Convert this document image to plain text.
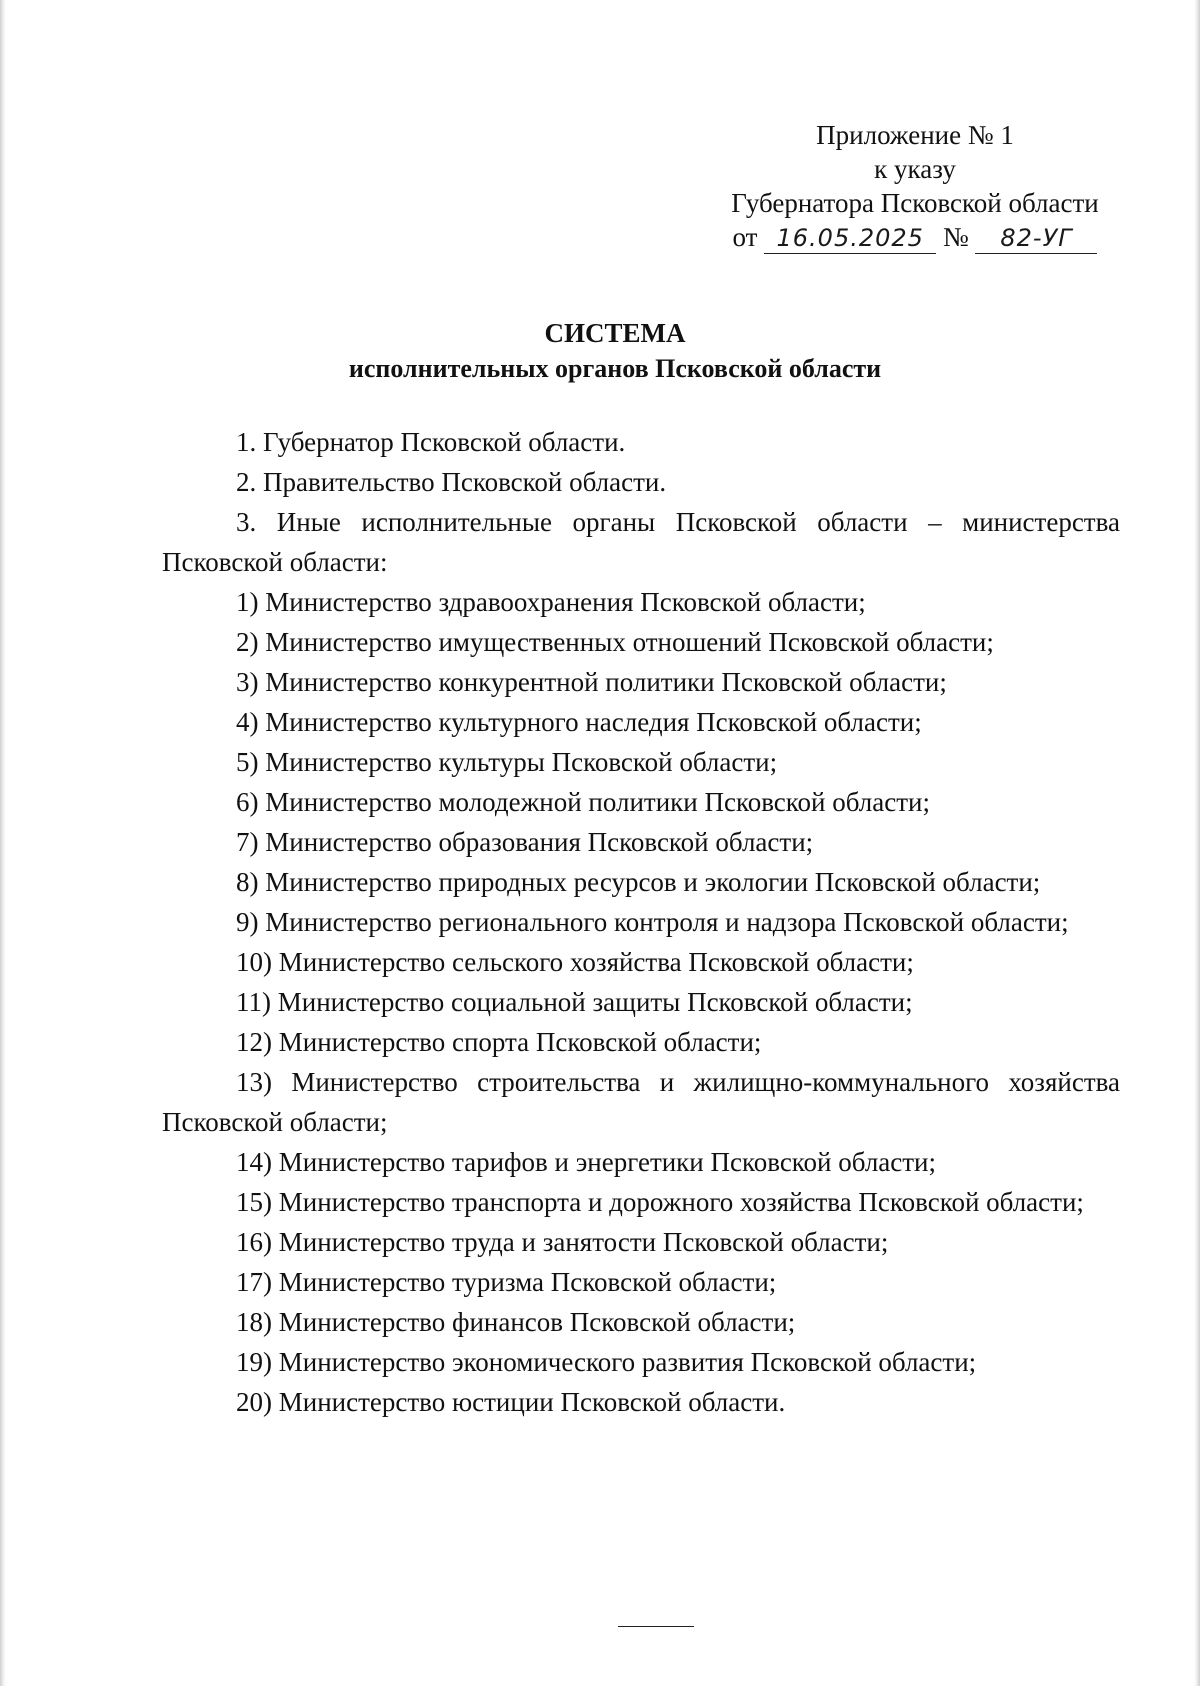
Приложение № 1
к указу
Губернатора Псковской области
от 16.05.2025 № 82-УГ
СИСТЕМА
исполнительных органов Псковской области

1. Губернатор Псковской области.

2. Правительство Псковской области.

3. Иные исполнительные органы Псковской области – министерства Псковской области:

1) Министерство здравоохранения Псковской области;

2) Министерство имущественных отношений Псковской области;

3) Министерство конкурентной политики Псковской области;

4) Министерство культурного наследия Псковской области;

5) Министерство культуры Псковской области;

6) Министерство молодежной политики Псковской области;

7) Министерство образования Псковской области;

8) Министерство природных ресурсов и экологии Псковской области;

9) Министерство регионального контроля и надзора Псковской области;

10) Министерство сельского хозяйства Псковской области;

11) Министерство социальной защиты Псковской области;

12) Министерство спорта Псковской области;

13) Министерство строительства и жилищно-коммунального хозяйства Псковской области;

14) Министерство тарифов и энергетики Псковской области;

15) Министерство транспорта и дорожного хозяйства Псковской области;

16) Министерство труда и занятости Псковской области;

17) Министерство туризма Псковской области;

18) Министерство финансов Псковской области;

19) Министерство экономического развития Псковской области;

20) Министерство юстиции Псковской области.
